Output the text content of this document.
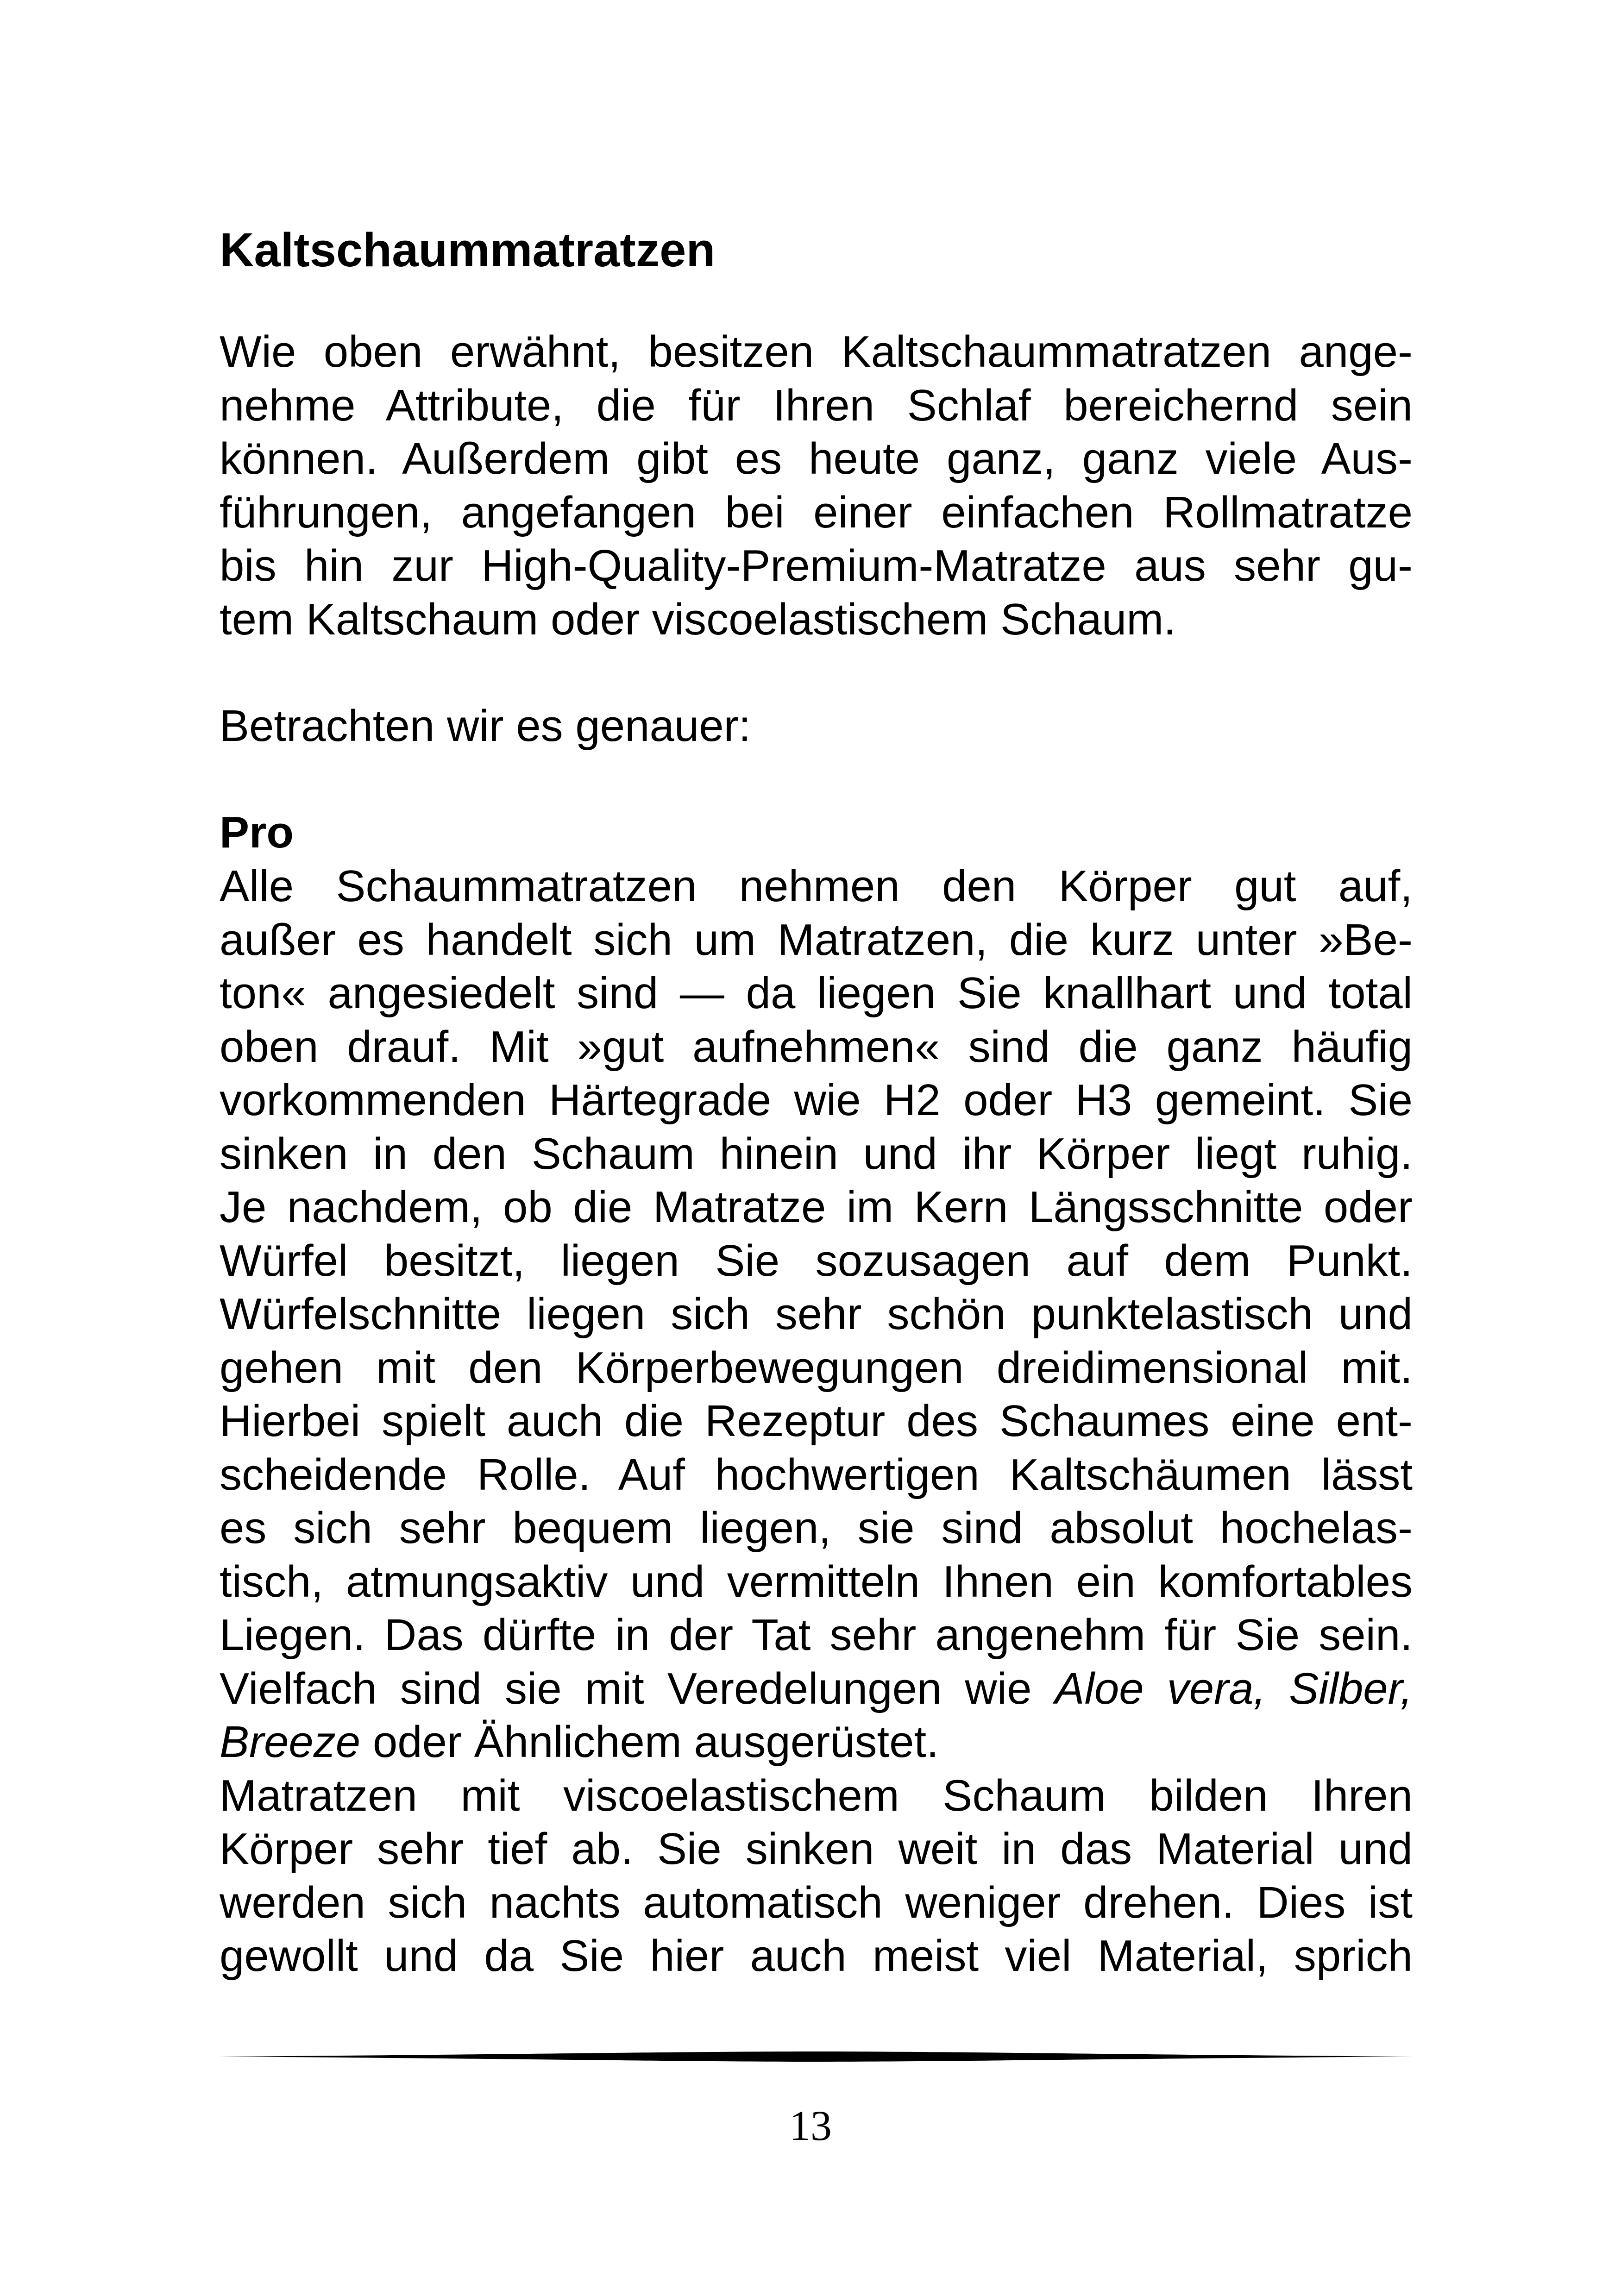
Kaltschaummatratzen
Wie oben erwähnt, besitzen Kaltschaummatratzen ange-
nehme Attribute, die für Ihren Schlaf bereichernd sein
können. Außerdem gibt es heute ganz, ganz viele Aus-
führungen, angefangen bei einer einfachen Rollmatratze
bis hin zur High-Quality-Premium-Matratze aus sehr gu-
tem Kaltschaum oder viscoelastischem Schaum.
Betrachten wir es genauer:
Pro
Alle Schaummatratzen nehmen den Körper gut auf,
außer es handelt sich um Matratzen, die kurz unter »Be-
ton« angesiedelt sind — da liegen Sie knallhart und total
oben drauf. Mit »gut aufnehmen« sind die ganz häufig
vorkommenden Härtegrade wie H2 oder H3 gemeint. Sie
sinken in den Schaum hinein und ihr Körper liegt ruhig.
Je nachdem, ob die Matratze im Kern Längsschnitte oder
Würfel besitzt, liegen Sie sozusagen auf dem Punkt.
Würfelschnitte liegen sich sehr schön punktelastisch und
gehen mit den Körperbewegungen dreidimensional mit.
Hierbei spielt auch die Rezeptur des Schaumes eine ent-
scheidende Rolle. Auf hochwertigen Kaltschäumen lässt
es sich sehr bequem liegen, sie sind absolut hochelas-
tisch, atmungsaktiv und vermitteln Ihnen ein komfortables
Liegen. Das dürfte in der Tat sehr angenehm für Sie sein.
Vielfach sind sie mit Veredelungen wie Aloe vera, Silber,
Breeze oder Ähnlichem ausgerüstet.
Matratzen mit viscoelastischem Schaum bilden Ihren
Körper sehr tief ab. Sie sinken weit in das Material und
werden sich nachts automatisch weniger drehen. Dies ist
gewollt und da Sie hier auch meist viel Material, sprich
13
